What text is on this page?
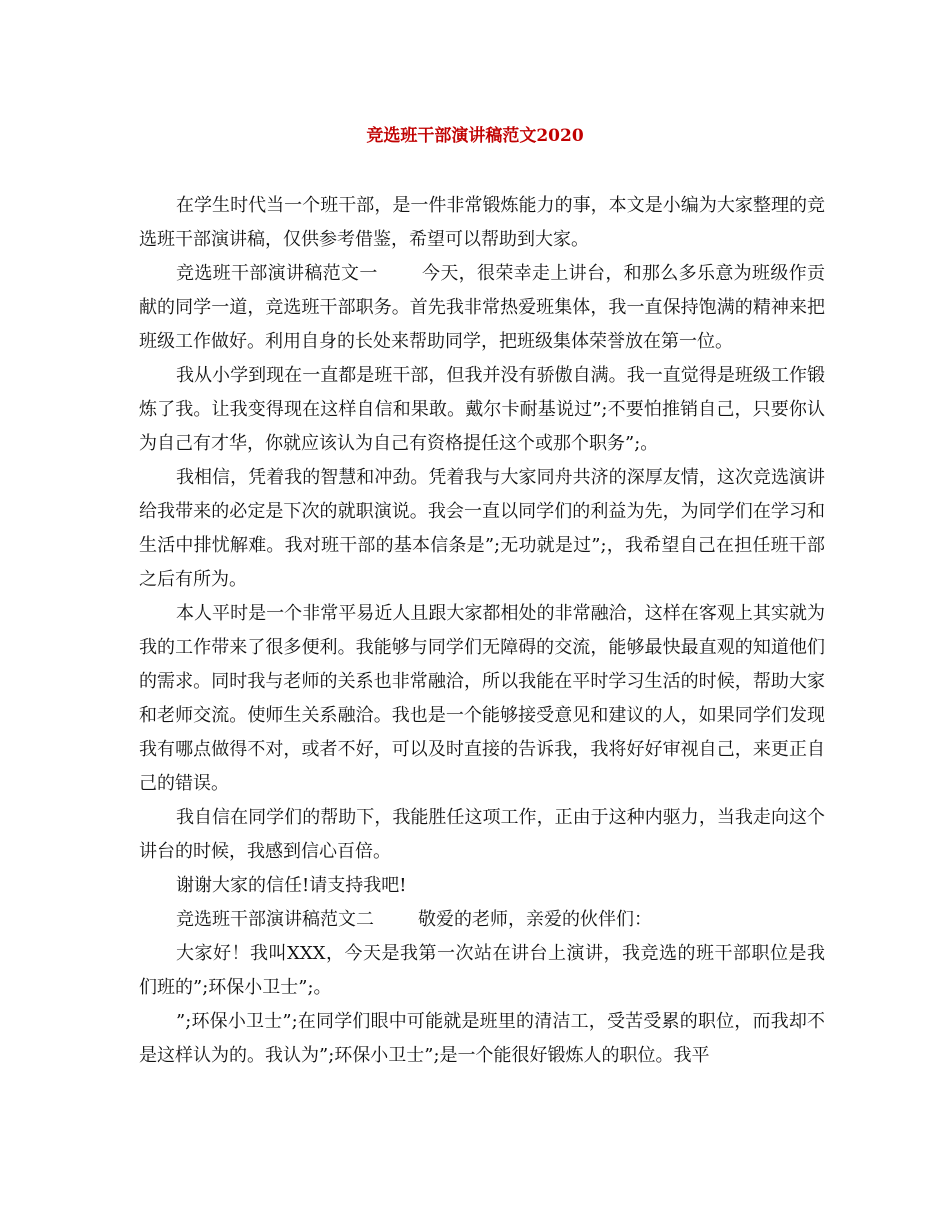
竞选班干部演讲稿范文2020

在学生时代当一个班干部，是一件非常锻炼能力的事，本文是小编为大家整理的竞选班干部演讲稿，仅供参考借鉴，希望可以帮助到大家。

竞选班干部演讲稿范文一 今天，很荣幸走上讲台，和那么多乐意为班级作贡献的同学一道，竞选班干部职务。首先我非常热爱班集体，我一直保持饱满的精神来把班级工作做好。利用自身的长处来帮助同学，把班级集体荣誉放在第一位。

我从小学到现在一直都是班干部，但我并没有骄傲自满。我一直觉得是班级工作锻炼了我。让我变得现在这样自信和果敢。戴尔卡耐基说过”;不要怕推销自己，只要你认为自己有才华，你就应该认为自己有资格提任这个或那个职务”;。

我相信，凭着我的智慧和冲劲。凭着我与大家同舟共济的深厚友情，这次竞选演讲给我带来的必定是下次的就职演说。我会一直以同学们的利益为先，为同学们在学习和生活中排忧解难。我对班干部的基本信条是”;无功就是过”;，我希望自己在担任班干部之后有所为。

本人平时是一个非常平易近人且跟大家都相处的非常融洽，这样在客观上其实就为我的工作带来了很多便利。我能够与同学们无障碍的交流，能够最快最直观的知道他们的需求。同时我与老师的关系也非常融洽，所以我能在平时学习生活的时候，帮助大家和老师交流。使师生关系融洽。我也是一个能够接受意见和建议的人，如果同学们发现我有哪点做得不对，或者不好，可以及时直接的告诉我，我将好好审视自己，来更正自己的错误。

我自信在同学们的帮助下，我能胜任这项工作，正由于这种内驱力，当我走向这个讲台的时候，我感到信心百倍。

谢谢大家的信任!请支持我吧!

竞选班干部演讲稿范文二 敬爱的老师，亲爱的伙伴们：

大家好！我叫XXX，今天是我第一次站在讲台上演讲，我竞选的班干部职位是我们班的”;环保小卫士”;。

”;环保小卫士”;在同学们眼中可能就是班里的清洁工，受苦受累的职位，而我却不是这样认为的。我认为”;环保小卫士”;是一个能很好锻炼人的职位。我平
